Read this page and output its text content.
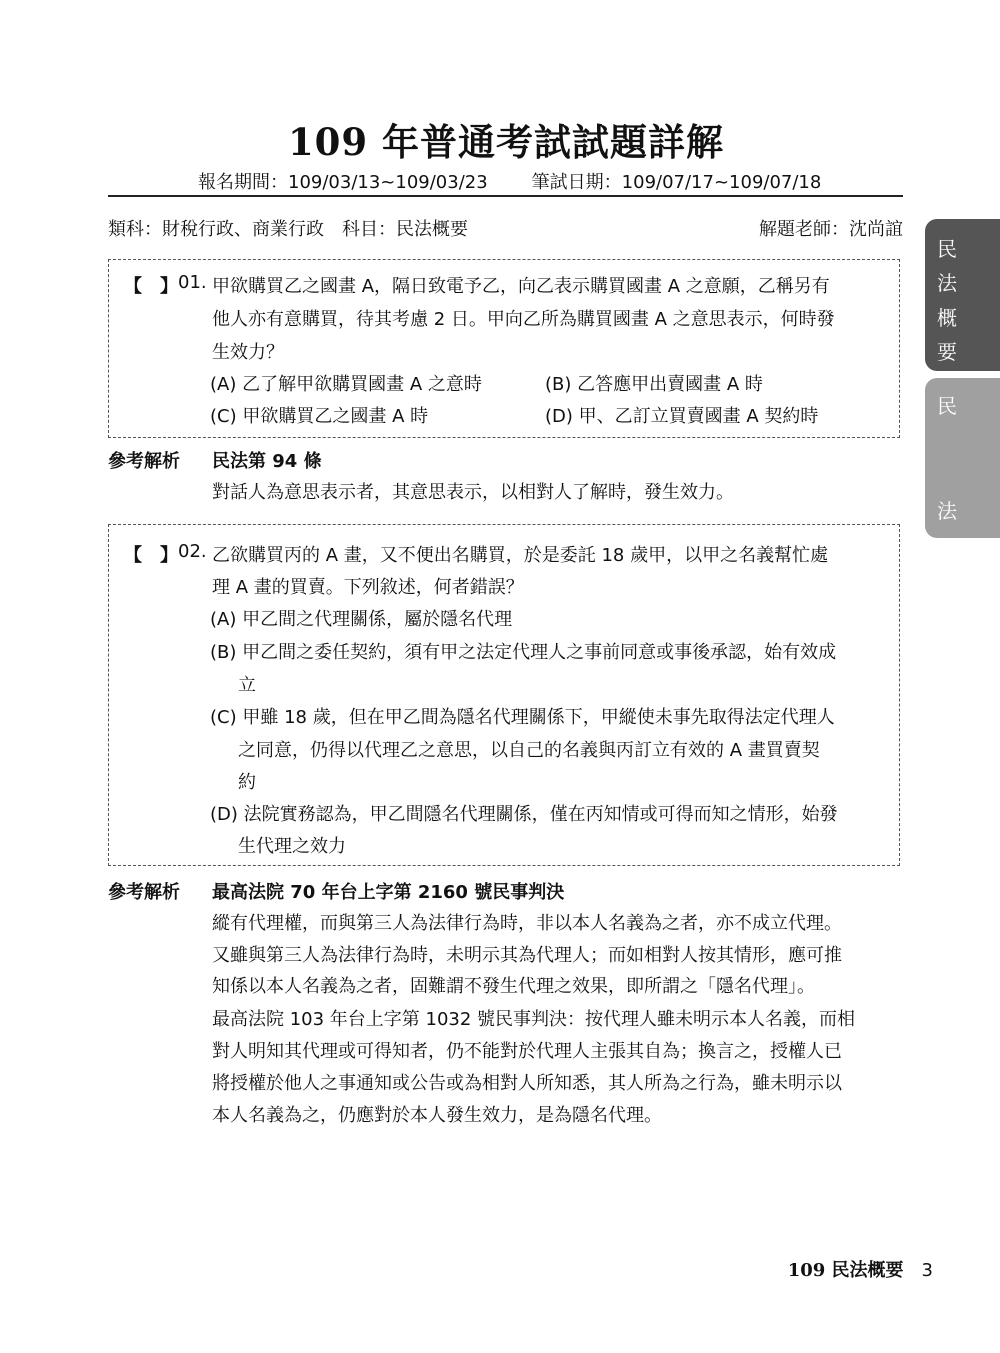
109 年普通考試試題詳解
報名期間：109/03/13~109/03/23 筆試日期：109/07/17~109/07/18
類科：財稅行政、商業行政 科目：民法概要	解題老師：沈尚誼
民
法
概
要
民
法
【　】 01. 甲欲購買乙之國畫 A，隔日致電予乙，向乙表示購買國畫 A 之意願，乙稱另有
他人亦有意購買，待其考慮 2 日。甲向乙所為購買國畫 A 之意思表示，何時發
生效力？
(A) 乙了解甲欲購買國畫 A 之意時	(B) 乙答應甲出賣國畫 A 時
(C) 甲欲購買乙之國畫 A 時	(D) 甲、乙訂立買賣國畫 A 契約時
參考解析 民法第 94 條
對話人為意思表示者，其意思表示，以相對人了解時，發生效力。
【　】 02. 乙欲購買丙的 A 畫，又不便出名購買，於是委託 18 歲甲，以甲之名義幫忙處
理 A 畫的買賣。下列敘述，何者錯誤？
(A) 甲乙間之代理關係，屬於隱名代理
(B) 甲乙間之委任契約，須有甲之法定代理人之事前同意或事後承認，始有效成
立
(C) 甲雖 18 歲，但在甲乙間為隱名代理關係下，甲縱使未事先取得法定代理人
之同意，仍得以代理乙之意思，以自己的名義與丙訂立有效的 A 畫買賣契
約
(D) 法院實務認為，甲乙間隱名代理關係，僅在丙知情或可得而知之情形，始發
生代理之效力
參考解析 最高法院 70 年台上字第 2160 號民事判決
縱有代理權，而與第三人為法律行為時，非以本人名義為之者，亦不成立代理。
又雖與第三人為法律行為時，未明示其為代理人；而如相對人按其情形，應可推
知係以本人名義為之者，固難謂不發生代理之效果，即所謂之「隱名代理」。
最高法院 103 年台上字第 1032 號民事判決：按代理人雖未明示本人名義，而相
對人明知其代理或可得知者，仍不能對於代理人主張其自為；換言之，授權人已
將授權於他人之事通知或公告或為相對人所知悉，其人所為之行為，雖未明示以
本人名義為之，仍應對於本人發生效力，是為隱名代理。
109 民法概要 3
